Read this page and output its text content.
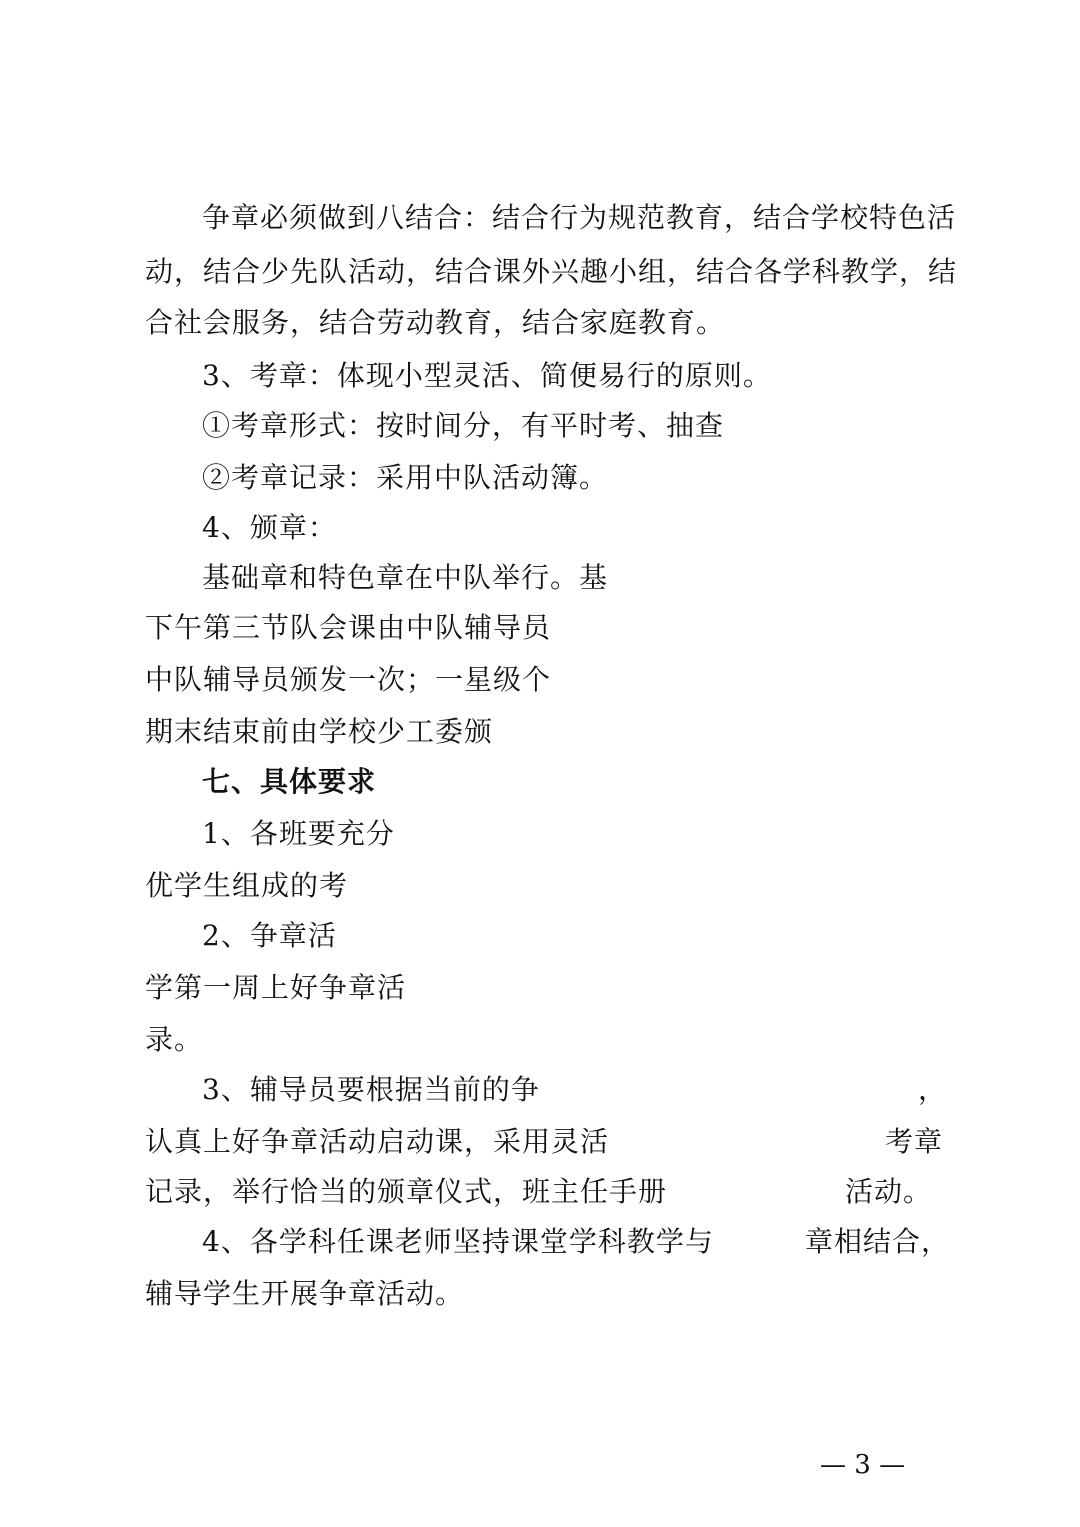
争章必须做到八结合：结合行为规范教育，结合学校特色活
动，结合少先队活动，结合课外兴趣小组，结合各学科教学，结
合社会服务，结合劳动教育，结合家庭教育。
3、考章：体现小型灵活、简便易行的原则。
①考章形式：按时间分，有平时考、抽查
②考章记录：采用中队活动簿。
4、颁章：
基础章和特色章在中队举行。基
下午第三节队会课由中队辅导员
中队辅导员颁发一次；一星级个
期末结束前由学校少工委颁
七、具体要求
1、各班要充分
优学生组成的考
2、争章活
学第一周上好争章活
录。
3、辅导员要根据当前的争	，
认真上好争章活动启动课，采用灵活	考章
记录，举行恰当的颁章仪式，班主任手册	活动。
4、各学科任课老师坚持课堂学科教学与	章相结合，
辅导学生开展争章活动。
— 3 —
